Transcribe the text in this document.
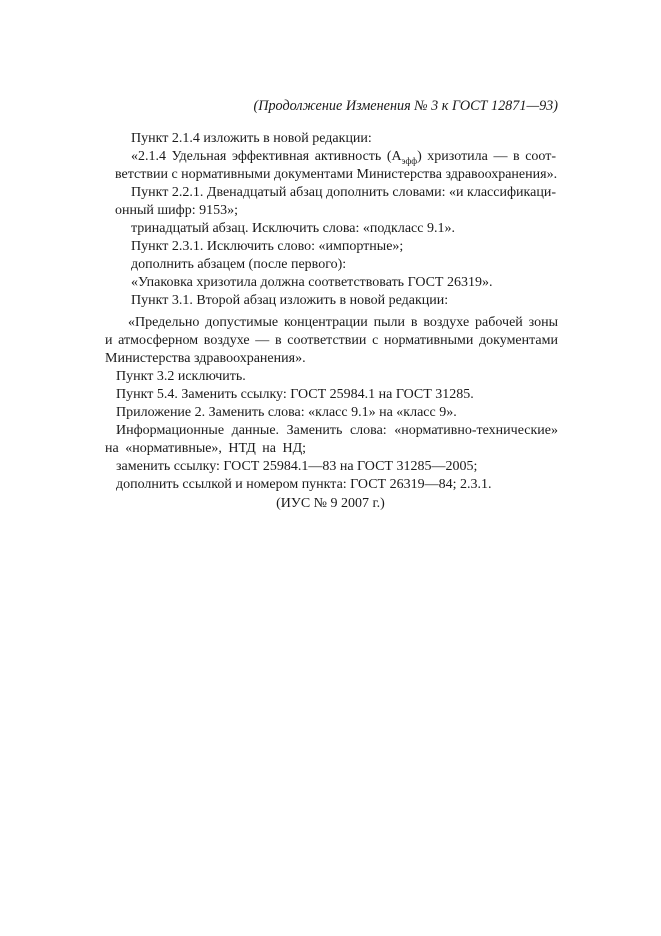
(Продолжение Изменения № 3 к ГОСТ 12871—93)
Пункт 2.1.4 изложить в новой редакции:
«2.1.4 Удельная эффективная активность $(А_{эфф})$ хризотила — в соот-
ветствии с нормативными документами Министерства здравоохранения».
Пункт 2.2.1. Двенадцатый абзац дополнить словами: «и классификаци-
онный шифр: 9153»;
тринадцатый абзац. Исключить слова: «подкласс 9.1».
Пункт 2.3.1. Исключить слово: «импортные»;
дополнить абзацем (после первого):
«Упаковка хризотила должна соответствовать ГОСТ 26319».
Пункт 3.1. Второй абзац изложить в новой редакции:
«Предельно допустимые концентрации пыли в воздухе рабочей зоны
и атмосферном воздухе — в соответствии с нормативными документами
Министерства здравоохранения».
Пункт 3.2 исключить.
Пункт 5.4. Заменить ссылку: ГОСТ 25984.1 на ГОСТ 31285.
Приложение 2. Заменить слова: «класс 9.1» на «класс 9».
Информационные данные. Заменить слова: «нормативно-технические»
на «нормативные», НТД на НД;
заменить ссылку: ГОСТ 25984.1—83 на ГОСТ 31285—2005;
дополнить ссылкой и номером пункта: ГОСТ 26319—84; 2.3.1.
(ИУС № 9 2007 г.)
